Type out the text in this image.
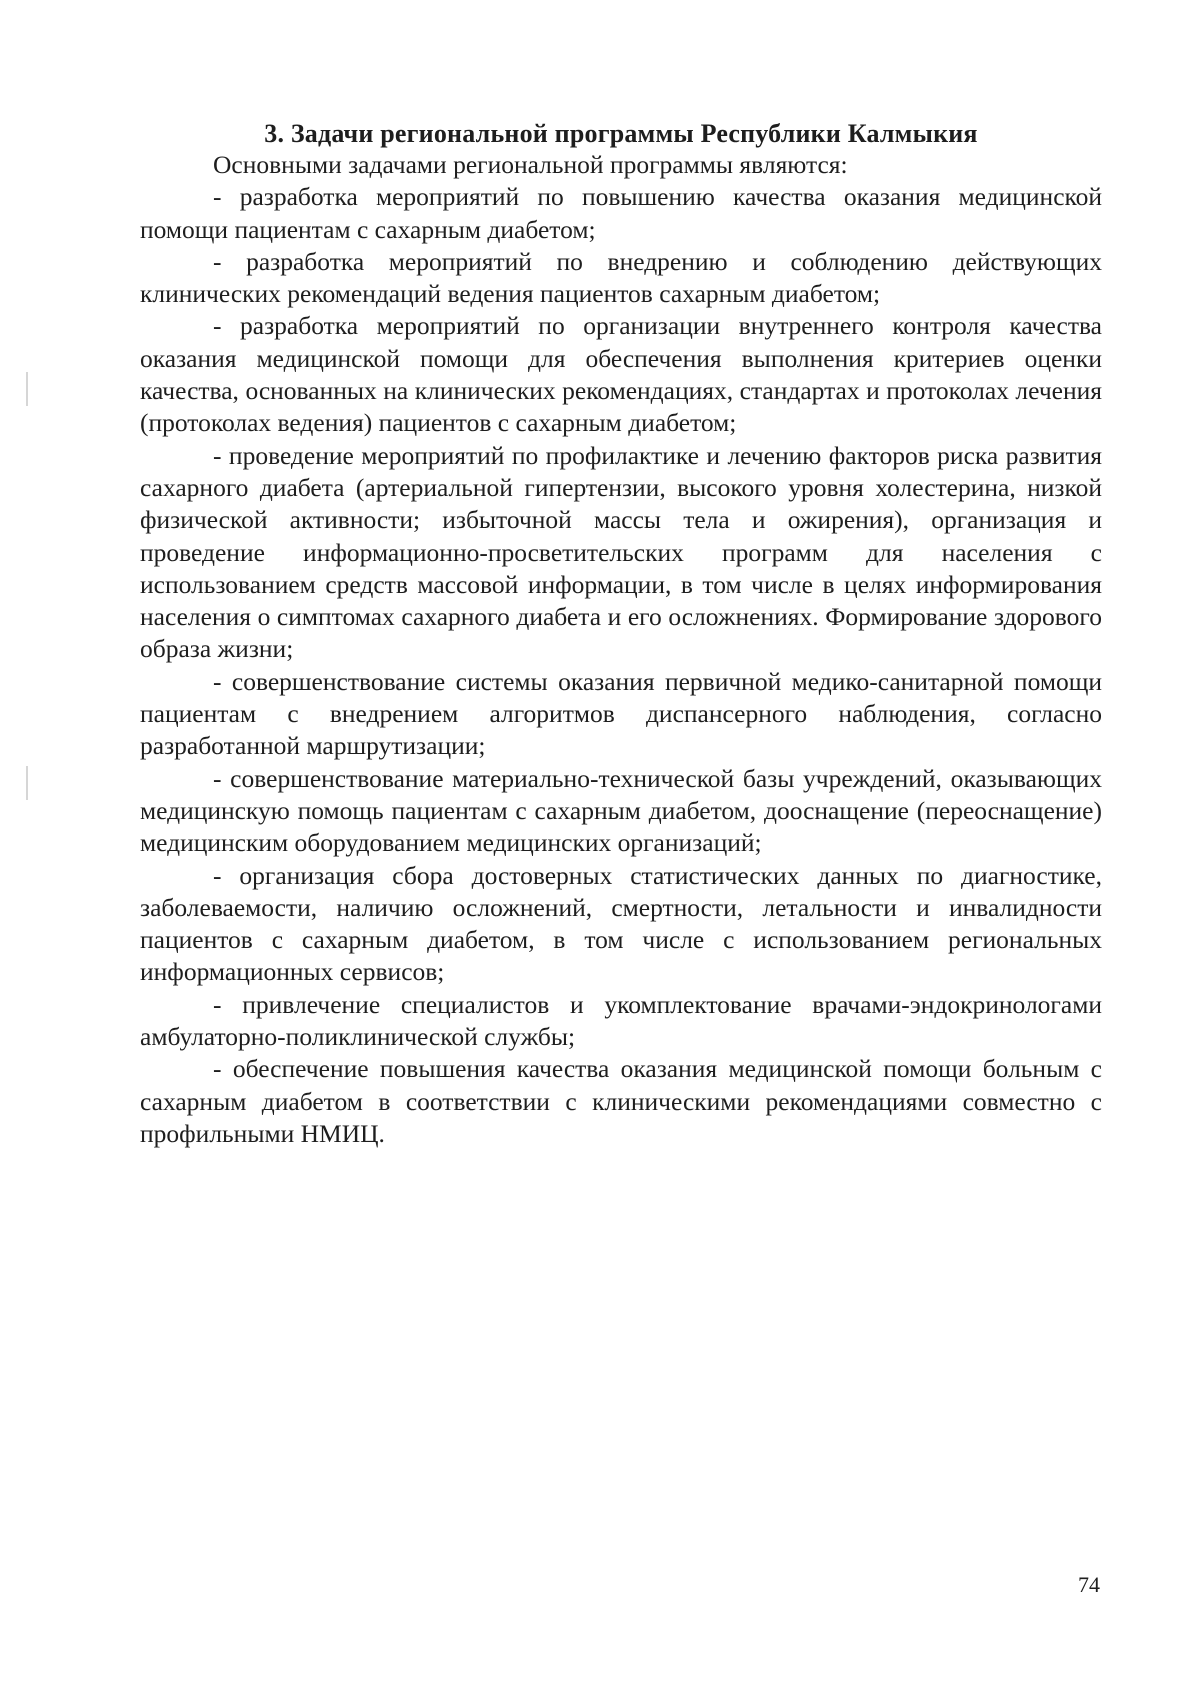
3. Задачи региональной программы Республики Калмыкия

Основными задачами региональной программы являются:

- разработка мероприятий по повышению качества оказания медицинской помощи пациентам с сахарным диабетом;

- разработка мероприятий по внедрению и соблюдению действующих клинических рекомендаций ведения пациентов сахарным диабетом;

- разработка мероприятий по организации внутреннего контроля качества оказания медицинской помощи для обеспечения выполнения критериев оценки качества, основанных на клинических рекомендациях, стандартах и протоколах лечения (протоколах ведения) пациентов с сахарным диабетом;

- проведение мероприятий по профилактике и лечению факторов риска развития сахарного диабета (артериальной гипертензии, высокого уровня холестерина, низкой физической активности; избыточной массы тела и ожирения), организация и проведение информационно-просветительских программ для населения с использованием средств массовой информации, в том числе в целях информирования населения о симптомах сахарного диабета и его осложнениях. Формирование здорового образа жизни;

- совершенствование системы оказания первичной медико-санитарной помощи пациентам с внедрением алгоритмов диспансерного наблюдения, согласно разработанной маршрутизации;

- совершенствование материально-технической базы учреждений, оказывающих медицинскую помощь пациентам с сахарным диабетом, дооснащение (переоснащение) медицинским оборудованием медицинских организаций;

- организация сбора достоверных статистических данных по диагностике, заболеваемости, наличию осложнений, смертности, летальности и инвалидности пациентов с сахарным диабетом, в том числе с использованием региональных информационных сервисов;

- привлечение специалистов и укомплектование врачами-эндокринологами амбулаторно-поликлинической службы;

- обеспечение повышения качества оказания медицинской помощи больным с сахарным диабетом в соответствии с клиническими рекомендациями совместно с профильными НМИЦ.

74
